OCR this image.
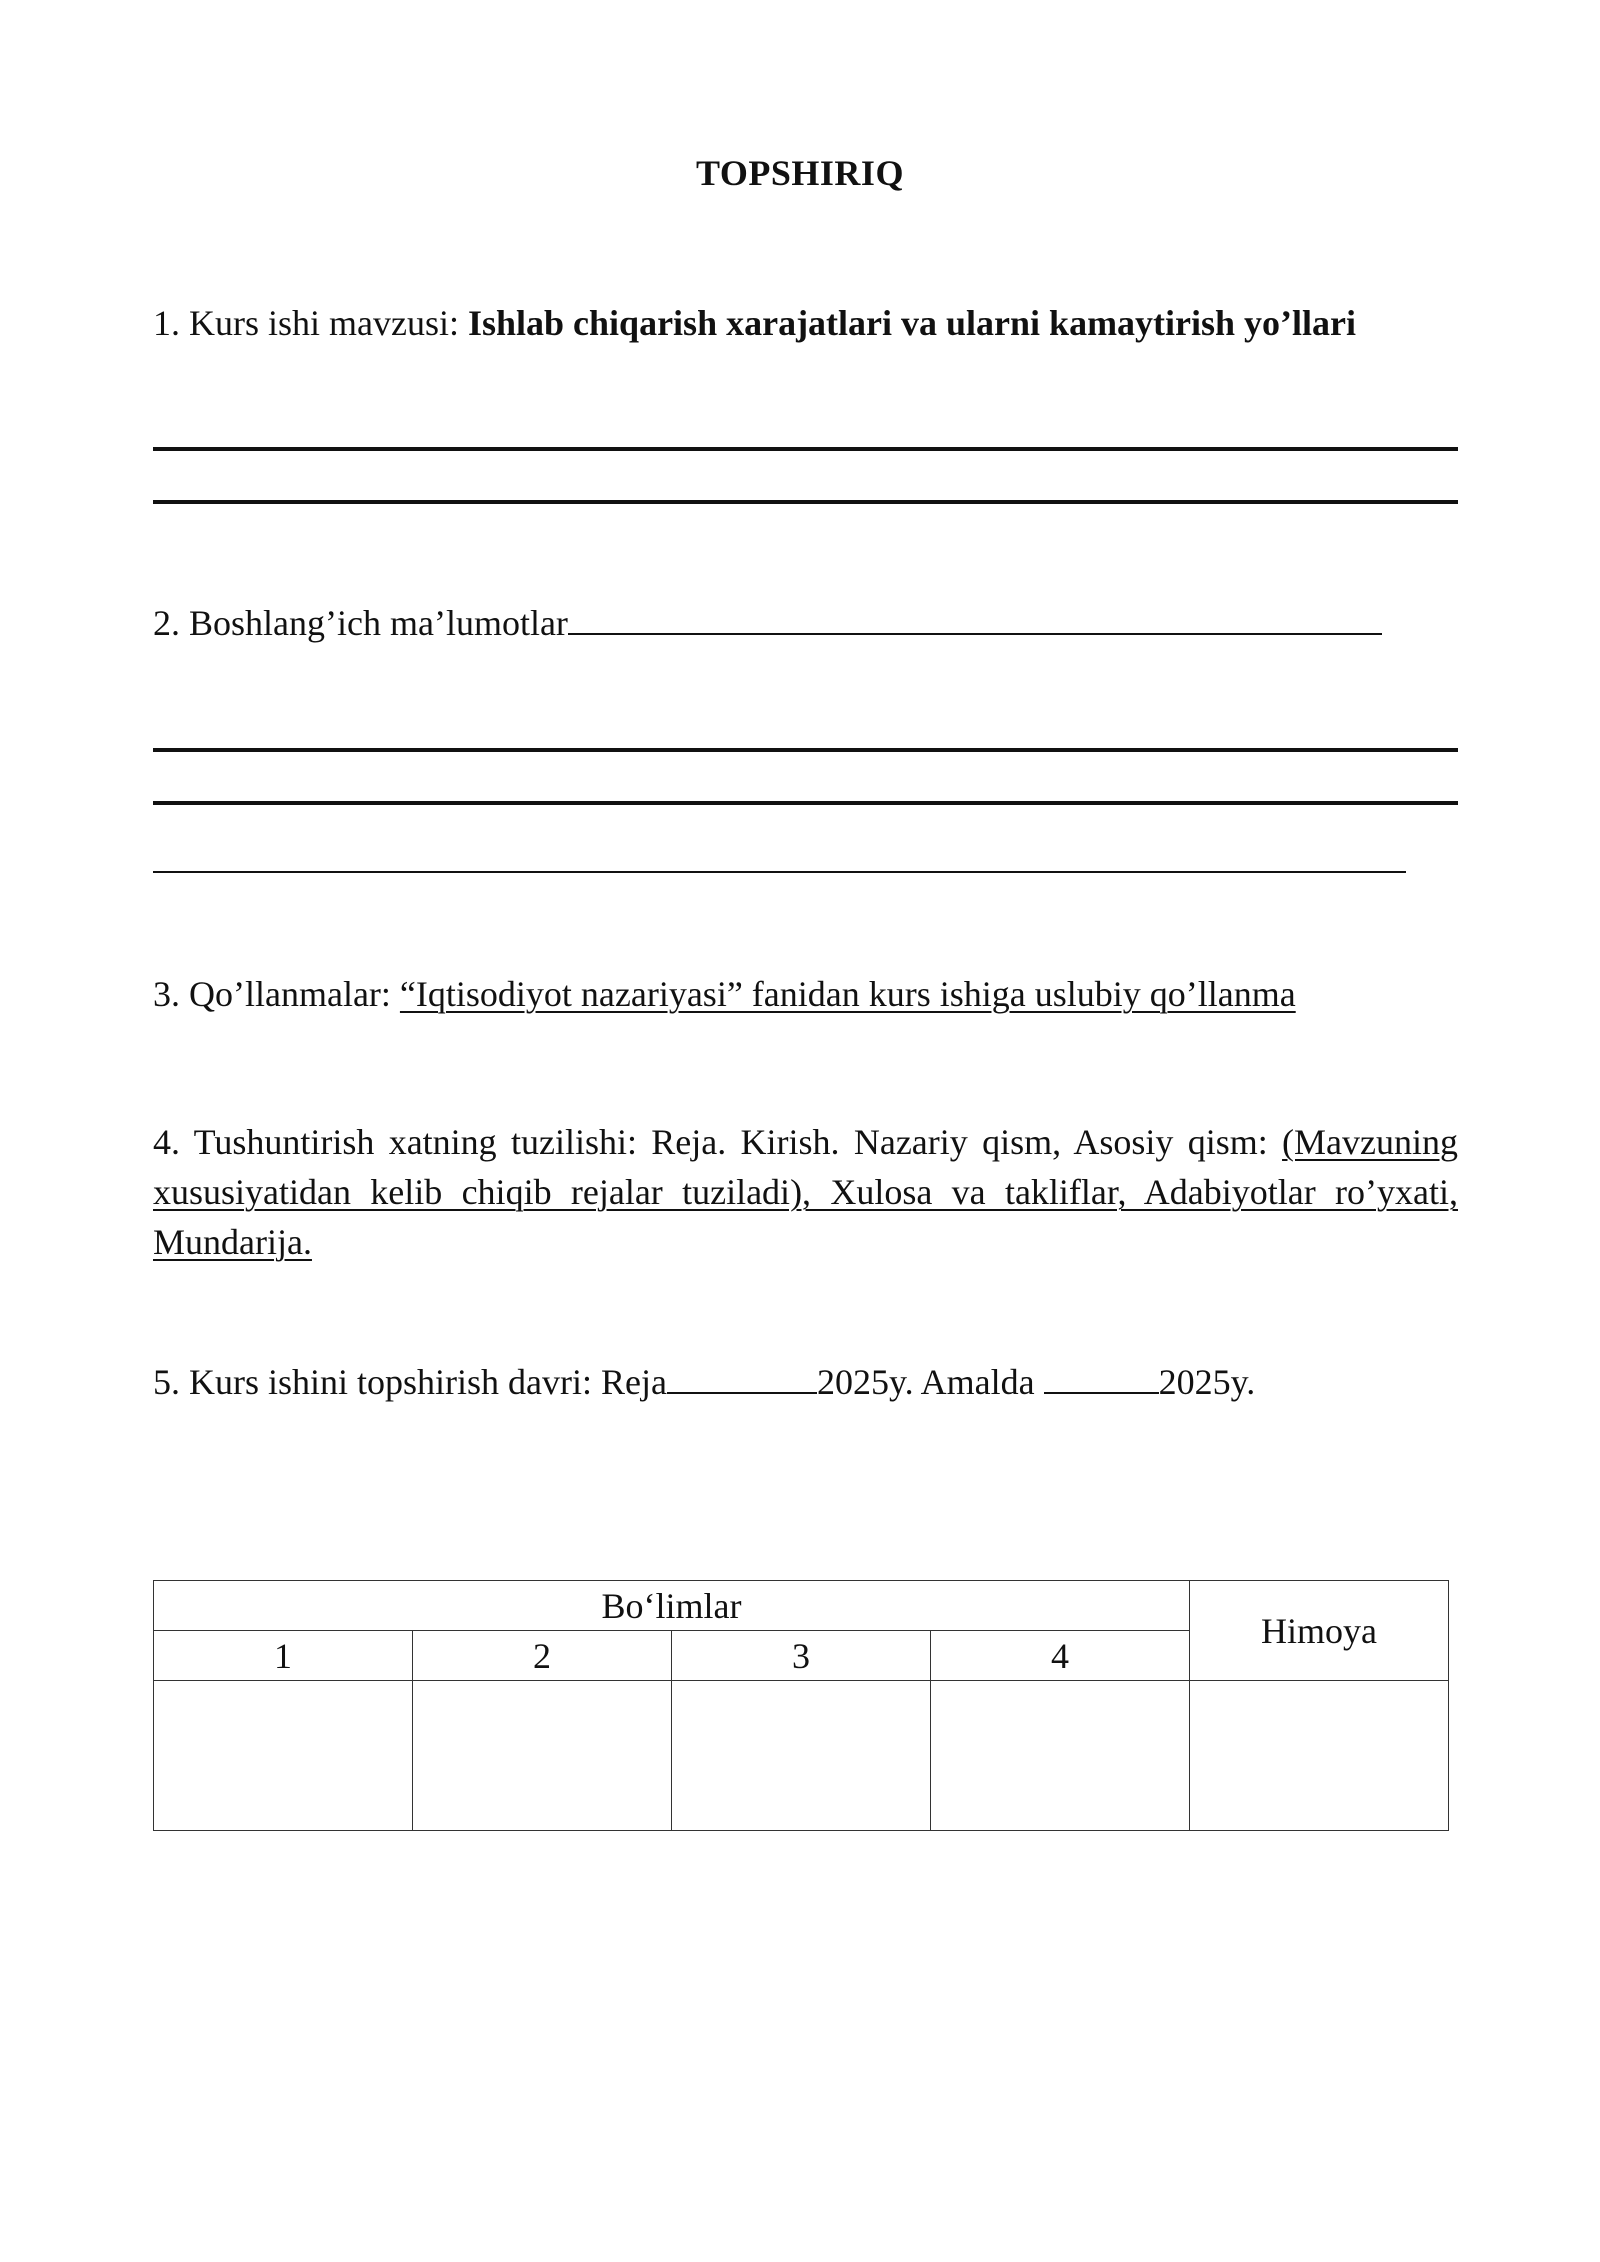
TOPSHIRIQ
1. Kurs ishi mavzusi: Ishlab chiqarish xarajatlari va ularni kamaytirish yo’llari
2. Boshlang’ich ma’lumotlar
3. Qo’llanmalar: “Iqtisodiyot nazariyasi” fanidan kurs ishiga uslubiy qo’llanma
4. Tushuntirish xatning tuzilishi: Reja. Kirish. Nazariy qism, Asosiy qism: (Mavzuning xususiyatidan kelib chiqib rejalar tuziladi), Xulosa va takliflar, Adabiyotlar ro’yxati, Mundarija.
5. Kurs ishini topshirish davri: Reja	2025y. Amalda	2025y.
Bo‘limlar				Himoya
1	2	3	4	
